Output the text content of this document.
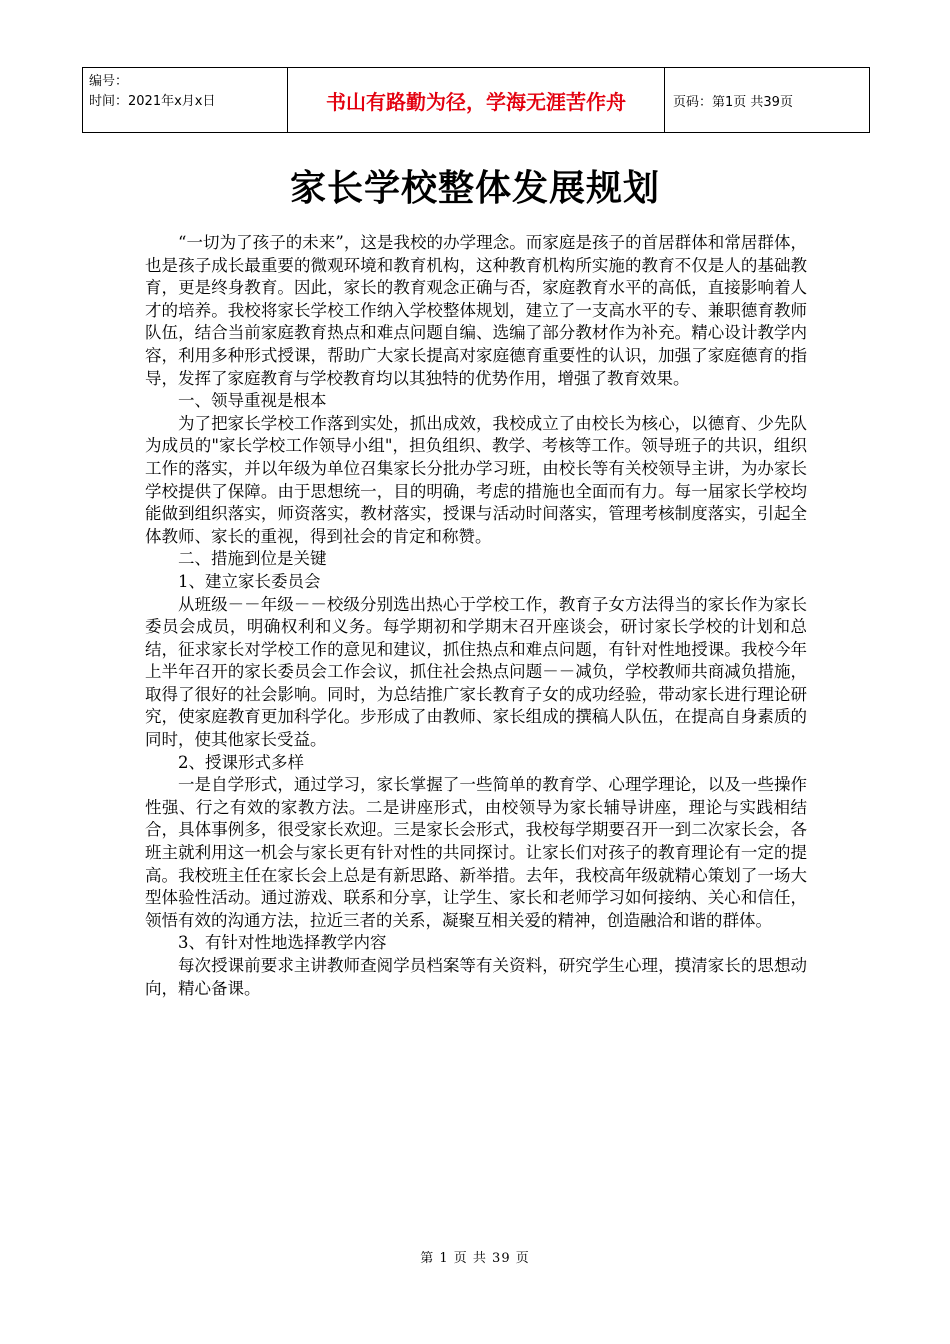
编号：
时间：2021年x月x日	书山有路勤为径，学海无涯苦作舟	页码：第1页 共39页
家长学校整体发展规划

“一切为了孩子的未来”，这是我校的办学理念。而家庭是孩子的首居群体和常居群体，也是孩子成长最重要的微观环境和教育机构，这种教育机构所实施的教育不仅是人的基础教育，更是终身教育。因此，家长的教育观念正确与否，家庭教育水平的高低，直接影响着人才的培养。我校将家长学校工作纳入学校整体规划，建立了一支高水平的专、兼职德育教师队伍，结合当前家庭教育热点和难点问题自编、选编了部分教材作为补充。精心设计教学内容，利用多种形式授课，帮助广大家长提高对家庭德育重要性的认识，加强了家庭德育的指导，发挥了家庭教育与学校教育均以其独特的优势作用，增强了教育效果。

一、领导重视是根本

为了把家长学校工作落到实处，抓出成效，我校成立了由校长为核心，以德育、少先队为成员的"家长学校工作领导小组"，担负组织、教学、考核等工作。领导班子的共识，组织工作的落实，并以年级为单位召集家长分批办学习班，由校长等有关校领导主讲，为办家长学校提供了保障。由于思想统一，目的明确，考虑的措施也全面而有力。每一届家长学校均能做到组织落实，师资落实，教材落实，授课与活动时间落实，管理考核制度落实，引起全体教师、家长的重视，得到社会的肯定和称赞。

二、措施到位是关键

1、建立家长委员会

从班级－－年级－－校级分别选出热心于学校工作，教育子女方法得当的家长作为家长委员会成员，明确权利和义务。每学期初和学期末召开座谈会，研讨家长学校的计划和总结，征求家长对学校工作的意见和建议，抓住热点和难点问题，有针对性地授课。我校今年上半年召开的家长委员会工作会议，抓住社会热点问题－－减负，学校教师共商减负措施，取得了很好的社会影响。同时，为总结推广家长教育子女的成功经验，带动家长进行理论研究，使家庭教育更加科学化。步形成了由教师、家长组成的撰稿人队伍，在提高自身素质的同时，使其他家长受益。

2、授课形式多样

一是自学形式，通过学习，家长掌握了一些简单的教育学、心理学理论，以及一些操作性强、行之有效的家教方法。二是讲座形式，由校领导为家长辅导讲座，理论与实践相结合，具体事例多，很受家长欢迎。三是家长会形式，我校每学期要召开一到二次家长会，各班主就利用这一机会与家长更有针对性的共同探讨。让家长们对孩子的教育理论有一定的提高。我校班主任在家长会上总是有新思路、新举措。去年，我校高年级就精心策划了一场大型体验性活动。通过游戏、联系和分享，让学生、家长和老师学习如何接纳、关心和信任，领悟有效的沟通方法，拉近三者的关系，凝聚互相关爱的精神，创造融洽和谐的群体。

3、有针对性地选择教学内容

每次授课前要求主讲教师查阅学员档案等有关资料，研究学生心理，摸清家长的思想动向，精心备课。

第 1 页 共 39 页
